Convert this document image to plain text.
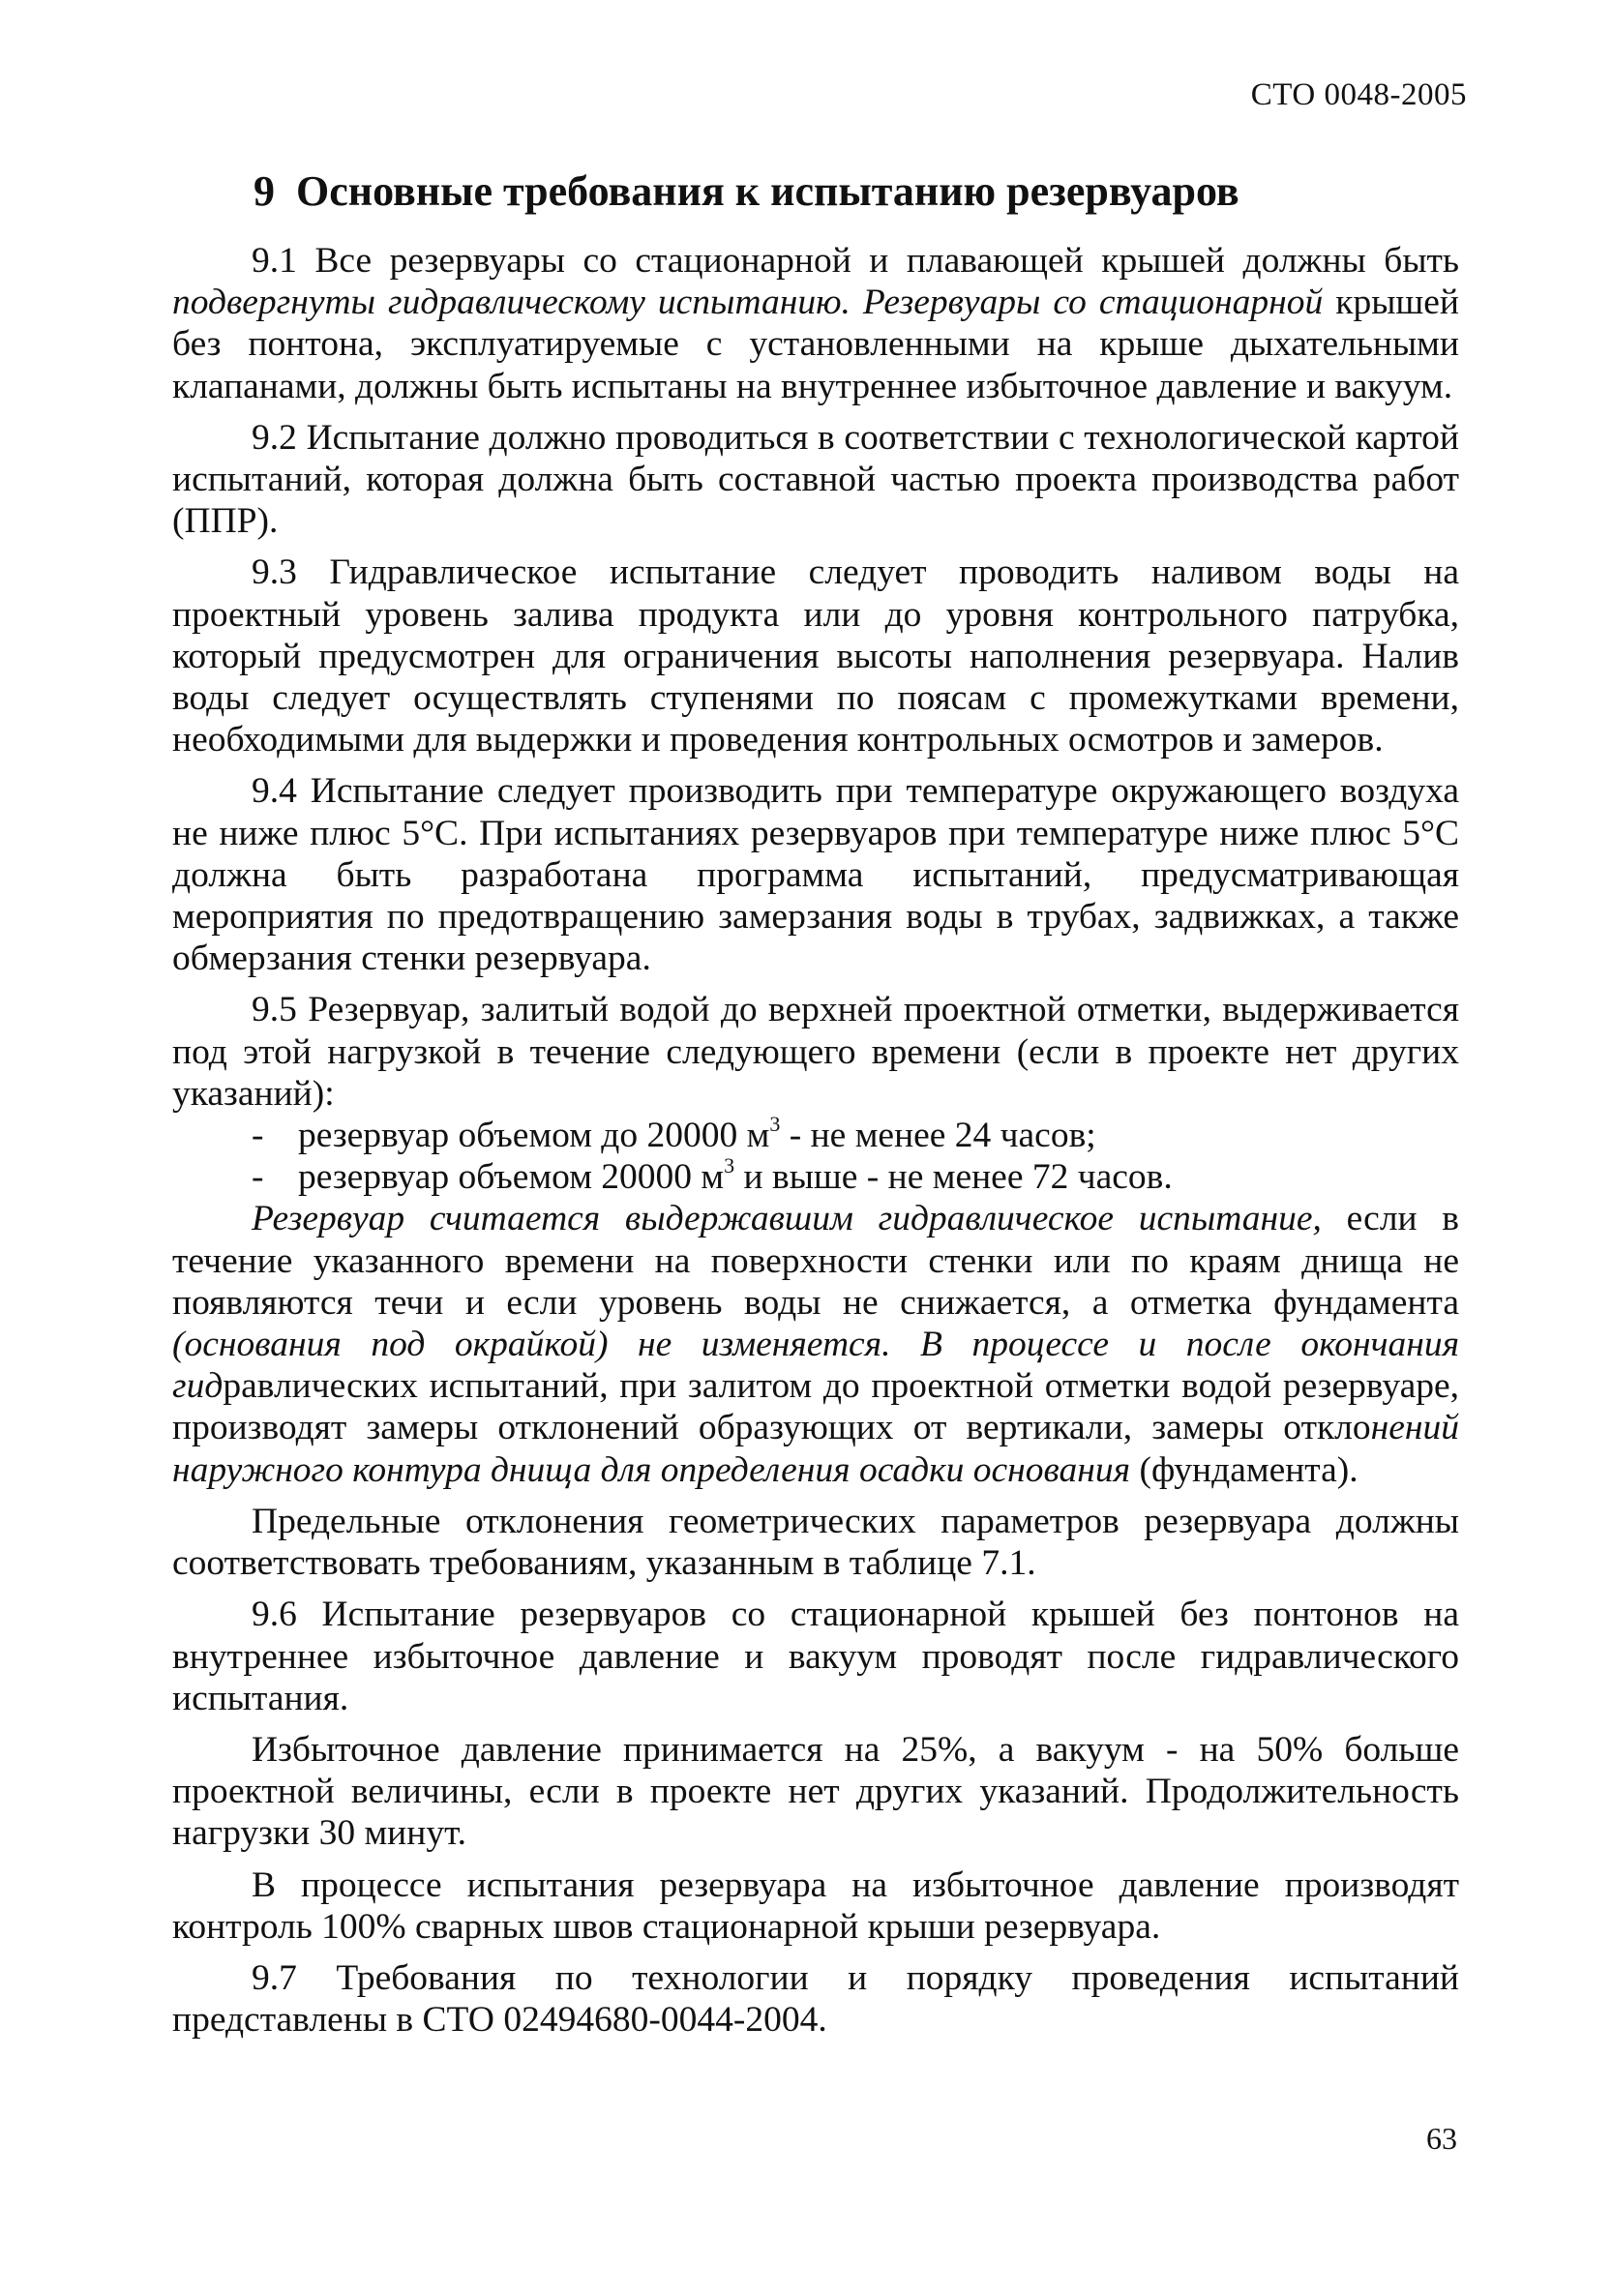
СТО 0048-2005
9 Основные требования к испытанию резервуаров

9.1 Все резервуары со стационарной и плавающей крышей должны быть подвергнуты гидравлическому испытанию. Резервуары со стационарной крышей без понтона, эксплуатируемые с установленными на крыше дыхательными клапанами, должны быть испытаны на внутреннее избыточное давление и вакуум.

9.2 Испытание должно проводиться в соответствии с технологической картой испытаний, которая должна быть составной частью проекта производства работ (ППР).

9.3 Гидравлическое испытание следует проводить наливом воды на проектный уровень залива продукта или до уровня контрольного патрубка, который предусмотрен для ограничения высоты наполнения резервуара. Налив воды следует осуществлять ступенями по поясам с промежутками времени, необходимыми для выдержки и проведения контрольных осмотров и замеров.

9.4 Испытание следует производить при температуре окружающего воздуха не ниже плюс 5°С. При испытаниях резервуаров при температуре ниже плюс 5°С должна быть разработана программа испытаний, предусматривающая мероприятия по предотвращению замерзания воды в трубах, задвижках, а также обмерзания стенки резервуара.

9.5 Резервуар, залитый водой до верхней проектной отметки, выдерживается под этой нагрузкой в течение следующего времени (если в проекте нет других указаний):

- резервуар объемом до 20000 $м^3$ - не менее 24 часов;

- резервуар объемом 20000 $м^3$ и выше - не менее 72 часов.

Резервуар считается выдержавшим гидравлическое испытание, если в течение указанного времени на поверхности стенки или по краям днища не появляются течи и если уровень воды не снижается, а отметка фундамента (основания под окрайкой) не изменяется. В процессе и после окончания гидравлических испытаний, при залитом до проектной отметки водой резервуаре, производят замеры отклонений образующих от вертикали, замеры отклонений наружного контура днища для определения осадки основания (фундамента).

Предельные отклонения геометрических параметров резервуара должны соответствовать требованиям, указанным в таблице 7.1.

9.6 Испытание резервуаров со стационарной крышей без понтонов на внутреннее избыточное давление и вакуум проводят после гидравлического испытания.

Избыточное давление принимается на 25%, а вакуум - на 50% больше проектной величины, если в проекте нет других указаний. Продолжительность нагрузки 30 минут.

В процессе испытания резервуара на избыточное давление производят контроль 100% сварных швов стационарной крыши резервуара.

9.7 Требования по технологии и порядку проведения испытаний представлены в СТО 02494680-0044-2004.

63
